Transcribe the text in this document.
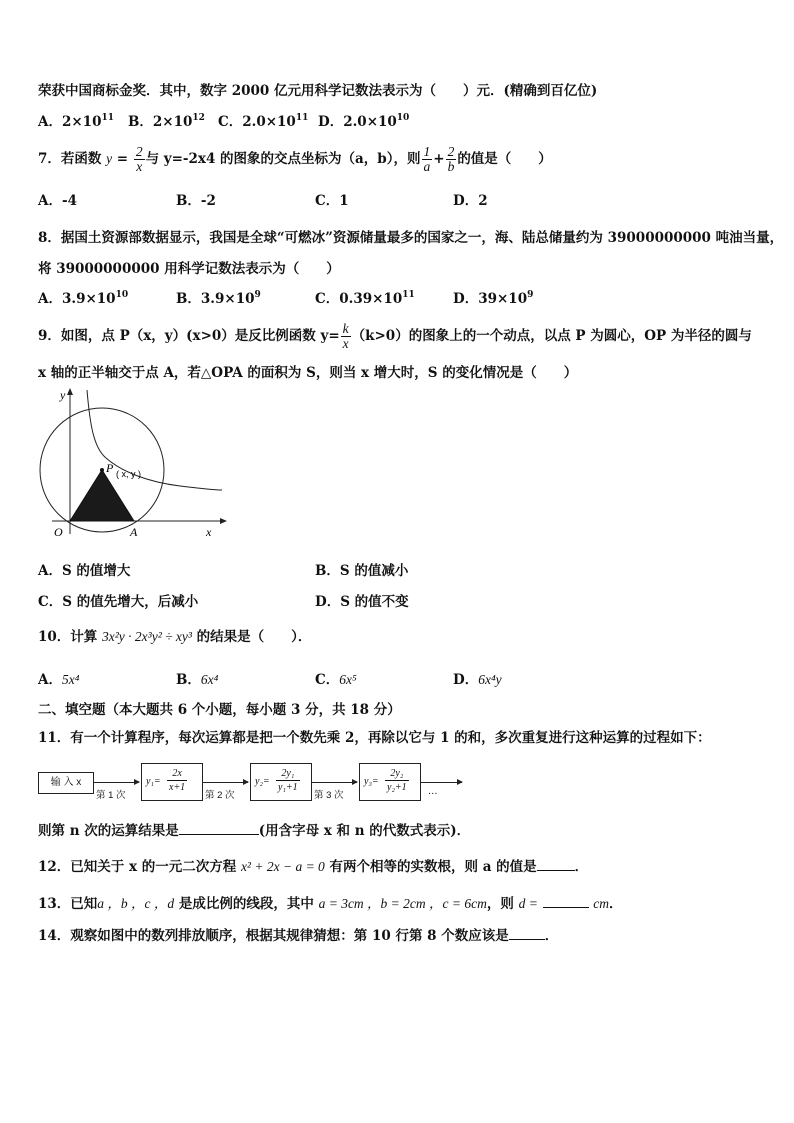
荣获中国商标金奖．其中，数字 2000 亿元用科学记数法表示为（　　）元．(精确到百亿位)
A．$2\times 10^{11}$ B．$2\times 10^{12}$ C．$2.0\times 10^{11}$ D．$2.0\times 10^{10}$
7．若函数 $y = \frac{2}{x}$ 与 y=-2x4 的图象的交点坐标为（a，b），则 $\frac{1}{a} + \frac{2}{b}$ 的值是（　　）
A．-4	B．-2	C．1	D．2
8．据国土资源部数据显示，我国是全球“可燃冰”资源储量最多的国家之一，海、陆总储量约为 39000000000 吨油当量，
将 39000000000 用科学记数法表示为（　　）
A．$3.9\times 10^{10}$	B．$3.9\times 10^9$	C．$0.39\times 10^{11}$	D．$39\times 10^9$
9．如图，点 P（x，y）(x>0）是反比例函数 $y= \frac{k}{x} (k>0)$的图象上的一个动点，以点 P 为圆心，OP 为半径的圆与
x 轴的正半轴交于点 A，若△OPA 的面积为 S，则当 x 增大时，S 的变化情况是（　　）
y
x
O	A
P ( x, y )
A．S 的值增大	B．S 的值减小
C．S 的值先增大，后减小	D．S 的值不变
10．计算 3x²y · 2x³y² ÷ xy³ 的结果是（　　）．
A．5x⁴	B．6x⁴	C．6x⁵	D．6x⁴y
二、填空题（本大题共 6 个小题，每小题 3 分，共 18 分）
11．有一个计算程序，每次运算都是把一个数先乘 2，再除以它与 1 的和，多次重复进行这种运算的过程如下：
输 入 x
第 1 次
$y_1= \frac{2x}{x+1}$
第 2 次
$y_2= \frac{\text{2y₁}}{\text{y₁+1}}$
第 3 次
$y_3= \frac{\text{2y₂}}{\text{y₂+1}}$ …
则第 n 次的运算结果是	(用含字母 x 和 n 的代数式表示)．
12．已知关于 x 的一元二次方程 x² + 2x − a = 0 有两个相等的实数根，则 a 的值是	．
13．已知a ，b ，c ，d 是成比例的线段，其中 a = 3cm ，b = 2cm ，c = 6cm，则 d =	cm．
14．观察如图中的数列排放顺序，根据其规律猜想：第 10 行第 8 个数应该是	．
